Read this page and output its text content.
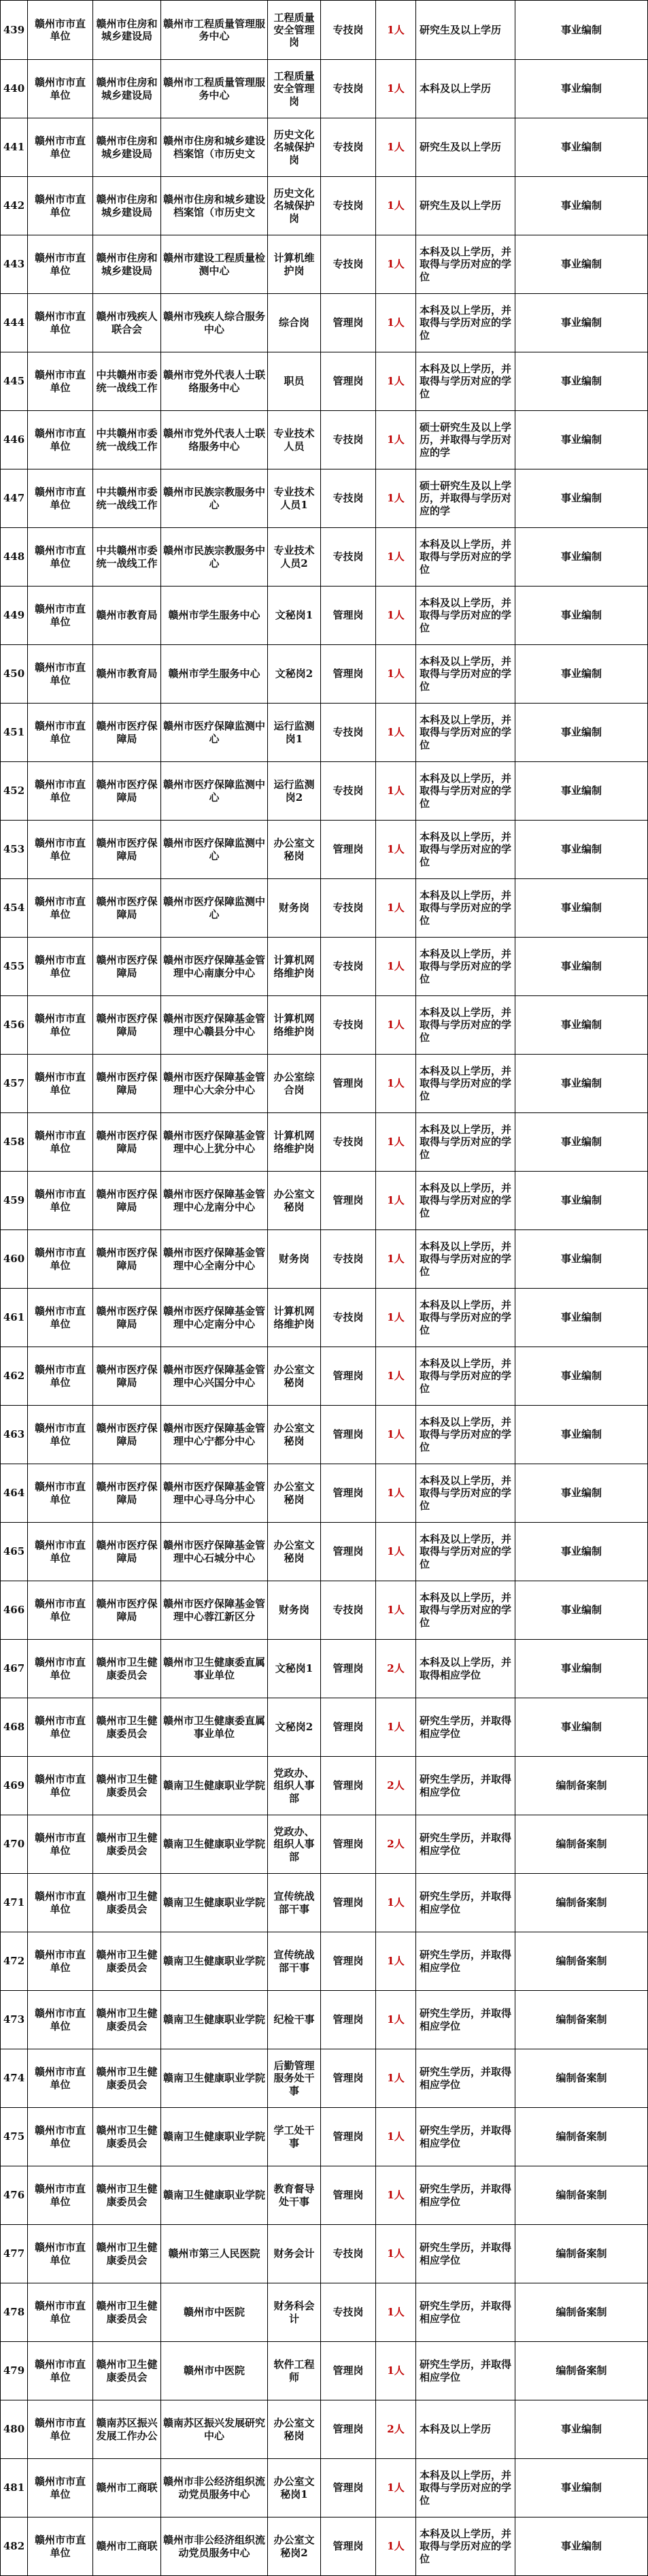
439	赣州市市直单位	赣州市住房和城乡建设局	赣州市工程质量管理服务中心	工程质量安全管理岗	专技岗	1人	研究生及以上学历	事业编制
440	赣州市市直单位	赣州市住房和城乡建设局	赣州市工程质量管理服务中心	工程质量安全管理岗	专技岗	1人	本科及以上学历	事业编制
441	赣州市市直单位	赣州市住房和城乡建设局	赣州市住房和城乡建设档案馆（市历史文	历史文化名城保护岗	专技岗	1人	研究生及以上学历	事业编制
442	赣州市市直单位	赣州市住房和城乡建设局	赣州市住房和城乡建设档案馆（市历史文	历史文化名城保护岗	专技岗	1人	研究生及以上学历	事业编制
443	赣州市市直单位	赣州市住房和城乡建设局	赣州市建设工程质量检测中心	计算机维护岗	专技岗	1人	本科及以上学历，并取得与学历对应的学位	事业编制
444	赣州市市直单位	赣州市残疾人联合会	赣州市残疾人综合服务中心	综合岗	管理岗	1人	本科及以上学历，并取得与学历对应的学位	事业编制
445	赣州市市直单位	中共赣州市委统一战线工作	赣州市党外代表人士联络服务中心	职员	管理岗	1人	本科及以上学历，并取得与学历对应的学位	事业编制
446	赣州市市直单位	中共赣州市委统一战线工作	赣州市党外代表人士联络服务中心	专业技术人员	专技岗	1人	硕士研究生及以上学历，并取得与学历对应的学	事业编制
447	赣州市市直单位	中共赣州市委统一战线工作	赣州市民族宗教服务中心	专业技术人员1	专技岗	1人	硕士研究生及以上学历，并取得与学历对应的学	事业编制
448	赣州市市直单位	中共赣州市委统一战线工作	赣州市民族宗教服务中心	专业技术人员2	专技岗	1人	本科及以上学历，并取得与学历对应的学位	事业编制
449	赣州市市直单位	赣州市教育局	赣州市学生服务中心	文秘岗1	管理岗	1人	本科及以上学历，并取得与学历对应的学位	事业编制
450	赣州市市直单位	赣州市教育局	赣州市学生服务中心	文秘岗2	管理岗	1人	本科及以上学历，并取得与学历对应的学位	事业编制
451	赣州市市直单位	赣州市医疗保障局	赣州市医疗保障监测中心	运行监测岗1	专技岗	1人	本科及以上学历，并取得与学历对应的学位	事业编制
452	赣州市市直单位	赣州市医疗保障局	赣州市医疗保障监测中心	运行监测岗2	专技岗	1人	本科及以上学历，并取得与学历对应的学位	事业编制
453	赣州市市直单位	赣州市医疗保障局	赣州市医疗保障监测中心	办公室文秘岗	管理岗	1人	本科及以上学历，并取得与学历对应的学位	事业编制
454	赣州市市直单位	赣州市医疗保障局	赣州市医疗保障监测中心	财务岗	专技岗	1人	本科及以上学历，并取得与学历对应的学位	事业编制
455	赣州市市直单位	赣州市医疗保障局	赣州市医疗保障基金管理中心南康分中心	计算机网络维护岗	专技岗	1人	本科及以上学历，并取得与学历对应的学位	事业编制
456	赣州市市直单位	赣州市医疗保障局	赣州市医疗保障基金管理中心赣县分中心	计算机网络维护岗	专技岗	1人	本科及以上学历，并取得与学历对应的学位	事业编制
457	赣州市市直单位	赣州市医疗保障局	赣州市医疗保障基金管理中心大余分中心	办公室综合岗	管理岗	1人	本科及以上学历，并取得与学历对应的学位	事业编制
458	赣州市市直单位	赣州市医疗保障局	赣州市医疗保障基金管理中心上犹分中心	计算机网络维护岗	专技岗	1人	本科及以上学历，并取得与学历对应的学位	事业编制
459	赣州市市直单位	赣州市医疗保障局	赣州市医疗保障基金管理中心龙南分中心	办公室文秘岗	管理岗	1人	本科及以上学历，并取得与学历对应的学位	事业编制
460	赣州市市直单位	赣州市医疗保障局	赣州市医疗保障基金管理中心全南分中心	财务岗	专技岗	1人	本科及以上学历，并取得与学历对应的学位	事业编制
461	赣州市市直单位	赣州市医疗保障局	赣州市医疗保障基金管理中心定南分中心	计算机网络维护岗	专技岗	1人	本科及以上学历，并取得与学历对应的学位	事业编制
462	赣州市市直单位	赣州市医疗保障局	赣州市医疗保障基金管理中心兴国分中心	办公室文秘岗	管理岗	1人	本科及以上学历，并取得与学历对应的学位	事业编制
463	赣州市市直单位	赣州市医疗保障局	赣州市医疗保障基金管理中心宁都分中心	办公室文秘岗	管理岗	1人	本科及以上学历，并取得与学历对应的学位	事业编制
464	赣州市市直单位	赣州市医疗保障局	赣州市医疗保障基金管理中心寻乌分中心	办公室文秘岗	管理岗	1人	本科及以上学历，并取得与学历对应的学位	事业编制
465	赣州市市直单位	赣州市医疗保障局	赣州市医疗保障基金管理中心石城分中心	办公室文秘岗	管理岗	1人	本科及以上学历，并取得与学历对应的学位	事业编制
466	赣州市市直单位	赣州市医疗保障局	赣州市医疗保障基金管理中心蓉江新区分	财务岗	专技岗	1人	本科及以上学历，并取得与学历对应的学位	事业编制
467	赣州市市直单位	赣州市卫生健康委员会	赣州市卫生健康委直属事业单位	文秘岗1	管理岗	2人	本科及以上学历，并取得相应学位	事业编制
468	赣州市市直单位	赣州市卫生健康委员会	赣州市卫生健康委直属事业单位	文秘岗2	管理岗	1人	研究生学历，并取得相应学位	事业编制
469	赣州市市直单位	赣州市卫生健康委员会	赣南卫生健康职业学院	党政办、组织人事部	管理岗	2人	研究生学历，并取得相应学位	编制备案制
470	赣州市市直单位	赣州市卫生健康委员会	赣南卫生健康职业学院	党政办、组织人事部	管理岗	2人	研究生学历，并取得相应学位	编制备案制
471	赣州市市直单位	赣州市卫生健康委员会	赣南卫生健康职业学院	宣传统战部干事	管理岗	1人	研究生学历，并取得相应学位	编制备案制
472	赣州市市直单位	赣州市卫生健康委员会	赣南卫生健康职业学院	宣传统战部干事	管理岗	1人	研究生学历，并取得相应学位	编制备案制
473	赣州市市直单位	赣州市卫生健康委员会	赣南卫生健康职业学院	纪检干事	管理岗	1人	研究生学历，并取得相应学位	编制备案制
474	赣州市市直单位	赣州市卫生健康委员会	赣南卫生健康职业学院	后勤管理服务处干事	管理岗	1人	研究生学历，并取得相应学位	编制备案制
475	赣州市市直单位	赣州市卫生健康委员会	赣南卫生健康职业学院	学工处干事	管理岗	1人	研究生学历，并取得相应学位	编制备案制
476	赣州市市直单位	赣州市卫生健康委员会	赣南卫生健康职业学院	教育督导处干事	管理岗	1人	研究生学历，并取得相应学位	编制备案制
477	赣州市市直单位	赣州市卫生健康委员会	赣州市第三人民医院	财务会计	专技岗	1人	研究生学历，并取得相应学位	编制备案制
478	赣州市市直单位	赣州市卫生健康委员会	赣州市中医院	财务科会计	专技岗	1人	研究生学历，并取得相应学位	编制备案制
479	赣州市市直单位	赣州市卫生健康委员会	赣州市中医院	软件工程师	管理岗	1人	研究生学历，并取得相应学位	编制备案制
480	赣州市市直单位	赣南苏区振兴发展工作办公	赣南苏区振兴发展研究中心	办公室文秘岗	管理岗	2人	本科及以上学历	事业编制
481	赣州市市直单位	赣州市工商联	赣州市非公经济组织流动党员服务中心	办公室文秘岗1	管理岗	1人	本科及以上学历，并取得与学历对应的学位	事业编制
482	赣州市市直单位	赣州市工商联	赣州市非公经济组织流动党员服务中心	办公室文秘岗2	管理岗	1人	本科及以上学历，并取得与学历对应的学位	事业编制
